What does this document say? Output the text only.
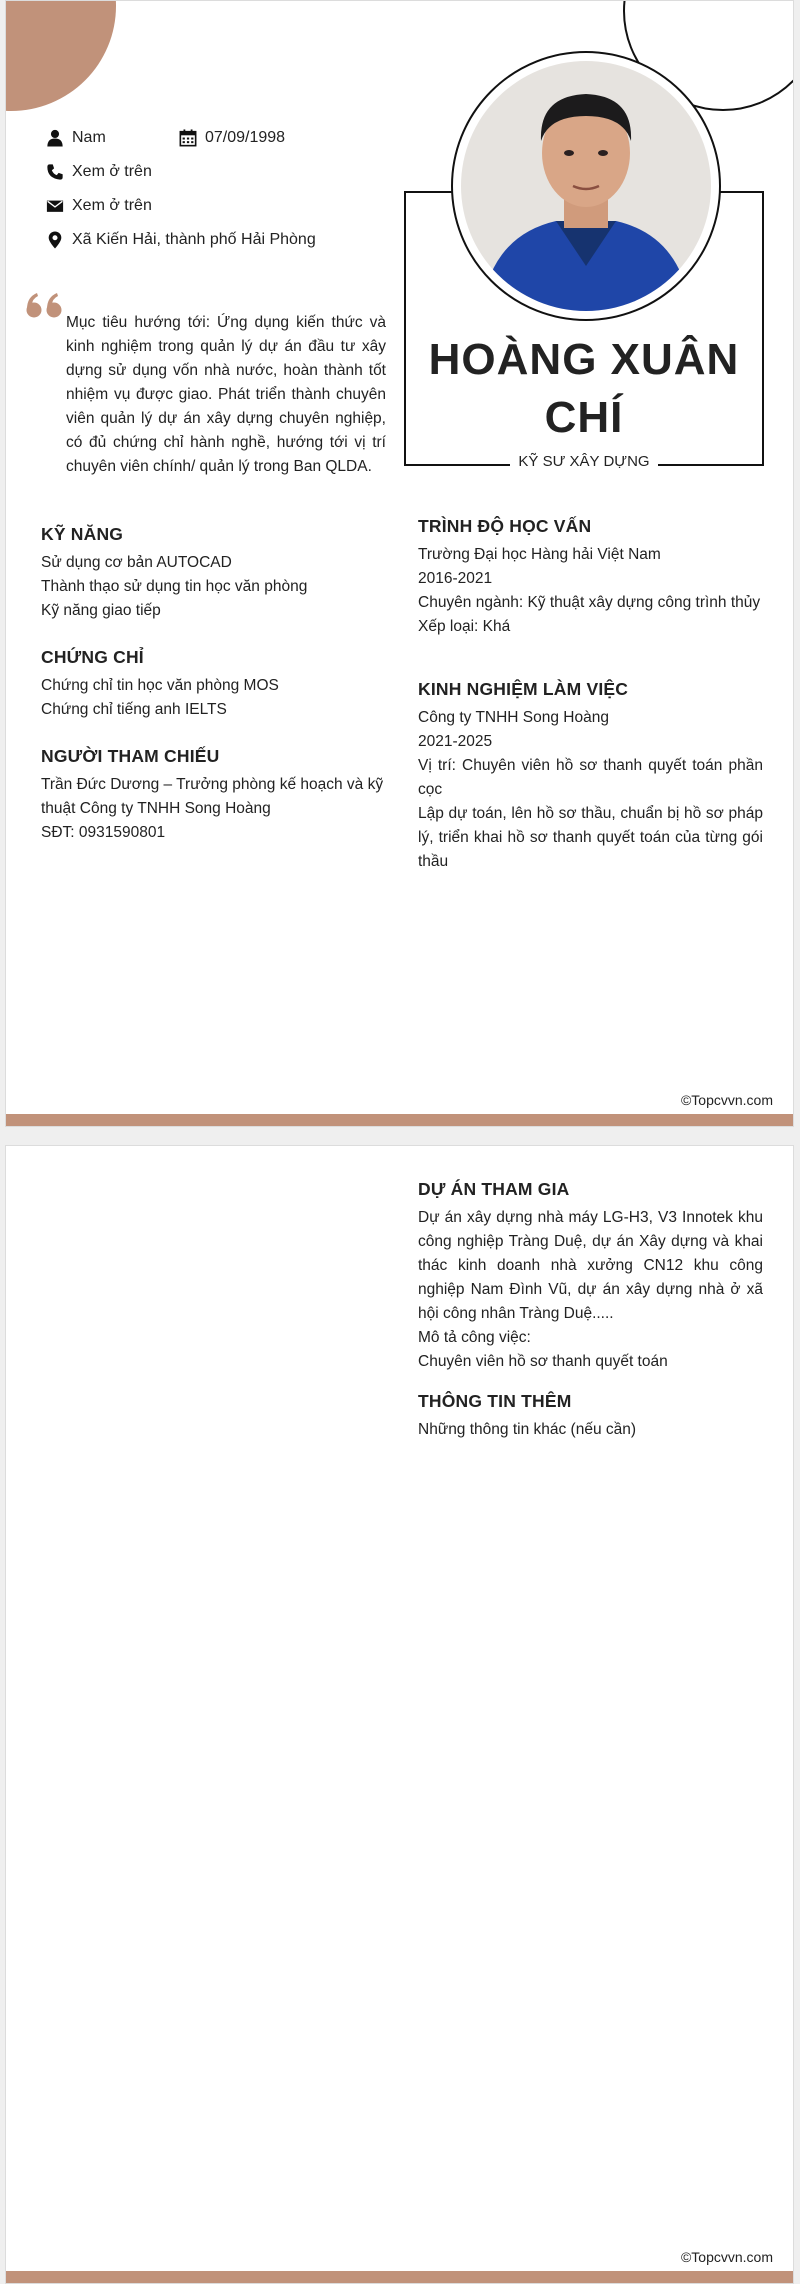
Nam	07/09/1998
Xem ở trên
Xem ở trên
Xã Kiến Hải, thành phố Hải Phòng
Mục tiêu hướng tới: Ứng dụng kiến thức và kinh nghiệm trong quản lý dự án đầu tư xây dựng sử dụng vốn nhà nước, hoàn thành tốt nhiệm vụ được giao. Phát triển thành chuyên viên quản lý dự án xây dựng chuyên nghiệp, có đủ chứng chỉ hành nghề, hướng tới vị trí chuyên viên chính/ quản lý trong Ban QLDA.
KỸ NĂNG
Sử dụng cơ bản AUTOCAD
Thành thạo sử dụng tin học văn phòng
Kỹ năng giao tiếp
CHỨNG CHỈ
Chứng chỉ tin học văn phòng MOS
Chứng chỉ tiếng anh IELTS
NGƯỜI THAM CHIẾU
Trần Đức Dương – Trưởng phòng kế hoạch và kỹ thuật Công ty TNHH Song Hoàng
SĐT: 0931590801
HOÀNG XUÂN
CHÍ
KỸ SƯ XÂY DỰNG
TRÌNH ĐỘ HỌC VẤN
Trường Đại học Hàng hải Việt Nam
2016-2021
Chuyên ngành: Kỹ thuật xây dựng công trình thủy
Xếp loại: Khá
KINH NGHIỆM LÀM VIỆC
Công ty TNHH Song Hoàng
2021-2025
Vị trí: Chuyên viên hồ sơ thanh quyết toán phần cọc
Lập dự toán, lên hồ sơ thầu, chuẩn bị hồ sơ pháp lý, triển khai hồ sơ thanh quyết toán của từng gói thầu
©Topcvvn.com
DỰ ÁN THAM GIA
Dự án xây dựng nhà máy LG-H3, V3 Innotek khu công nghiệp Tràng Duệ, dự án Xây dựng và khai thác kinh doanh nhà xưởng CN12 khu công nghiệp Nam Đình Vũ, dự án xây dựng nhà ở xã hội công nhân Tràng Duệ.....
Mô tả công việc:
Chuyên viên hồ sơ thanh quyết toán
THÔNG TIN THÊM
Những thông tin khác (nếu cần)
©Topcvvn.com
